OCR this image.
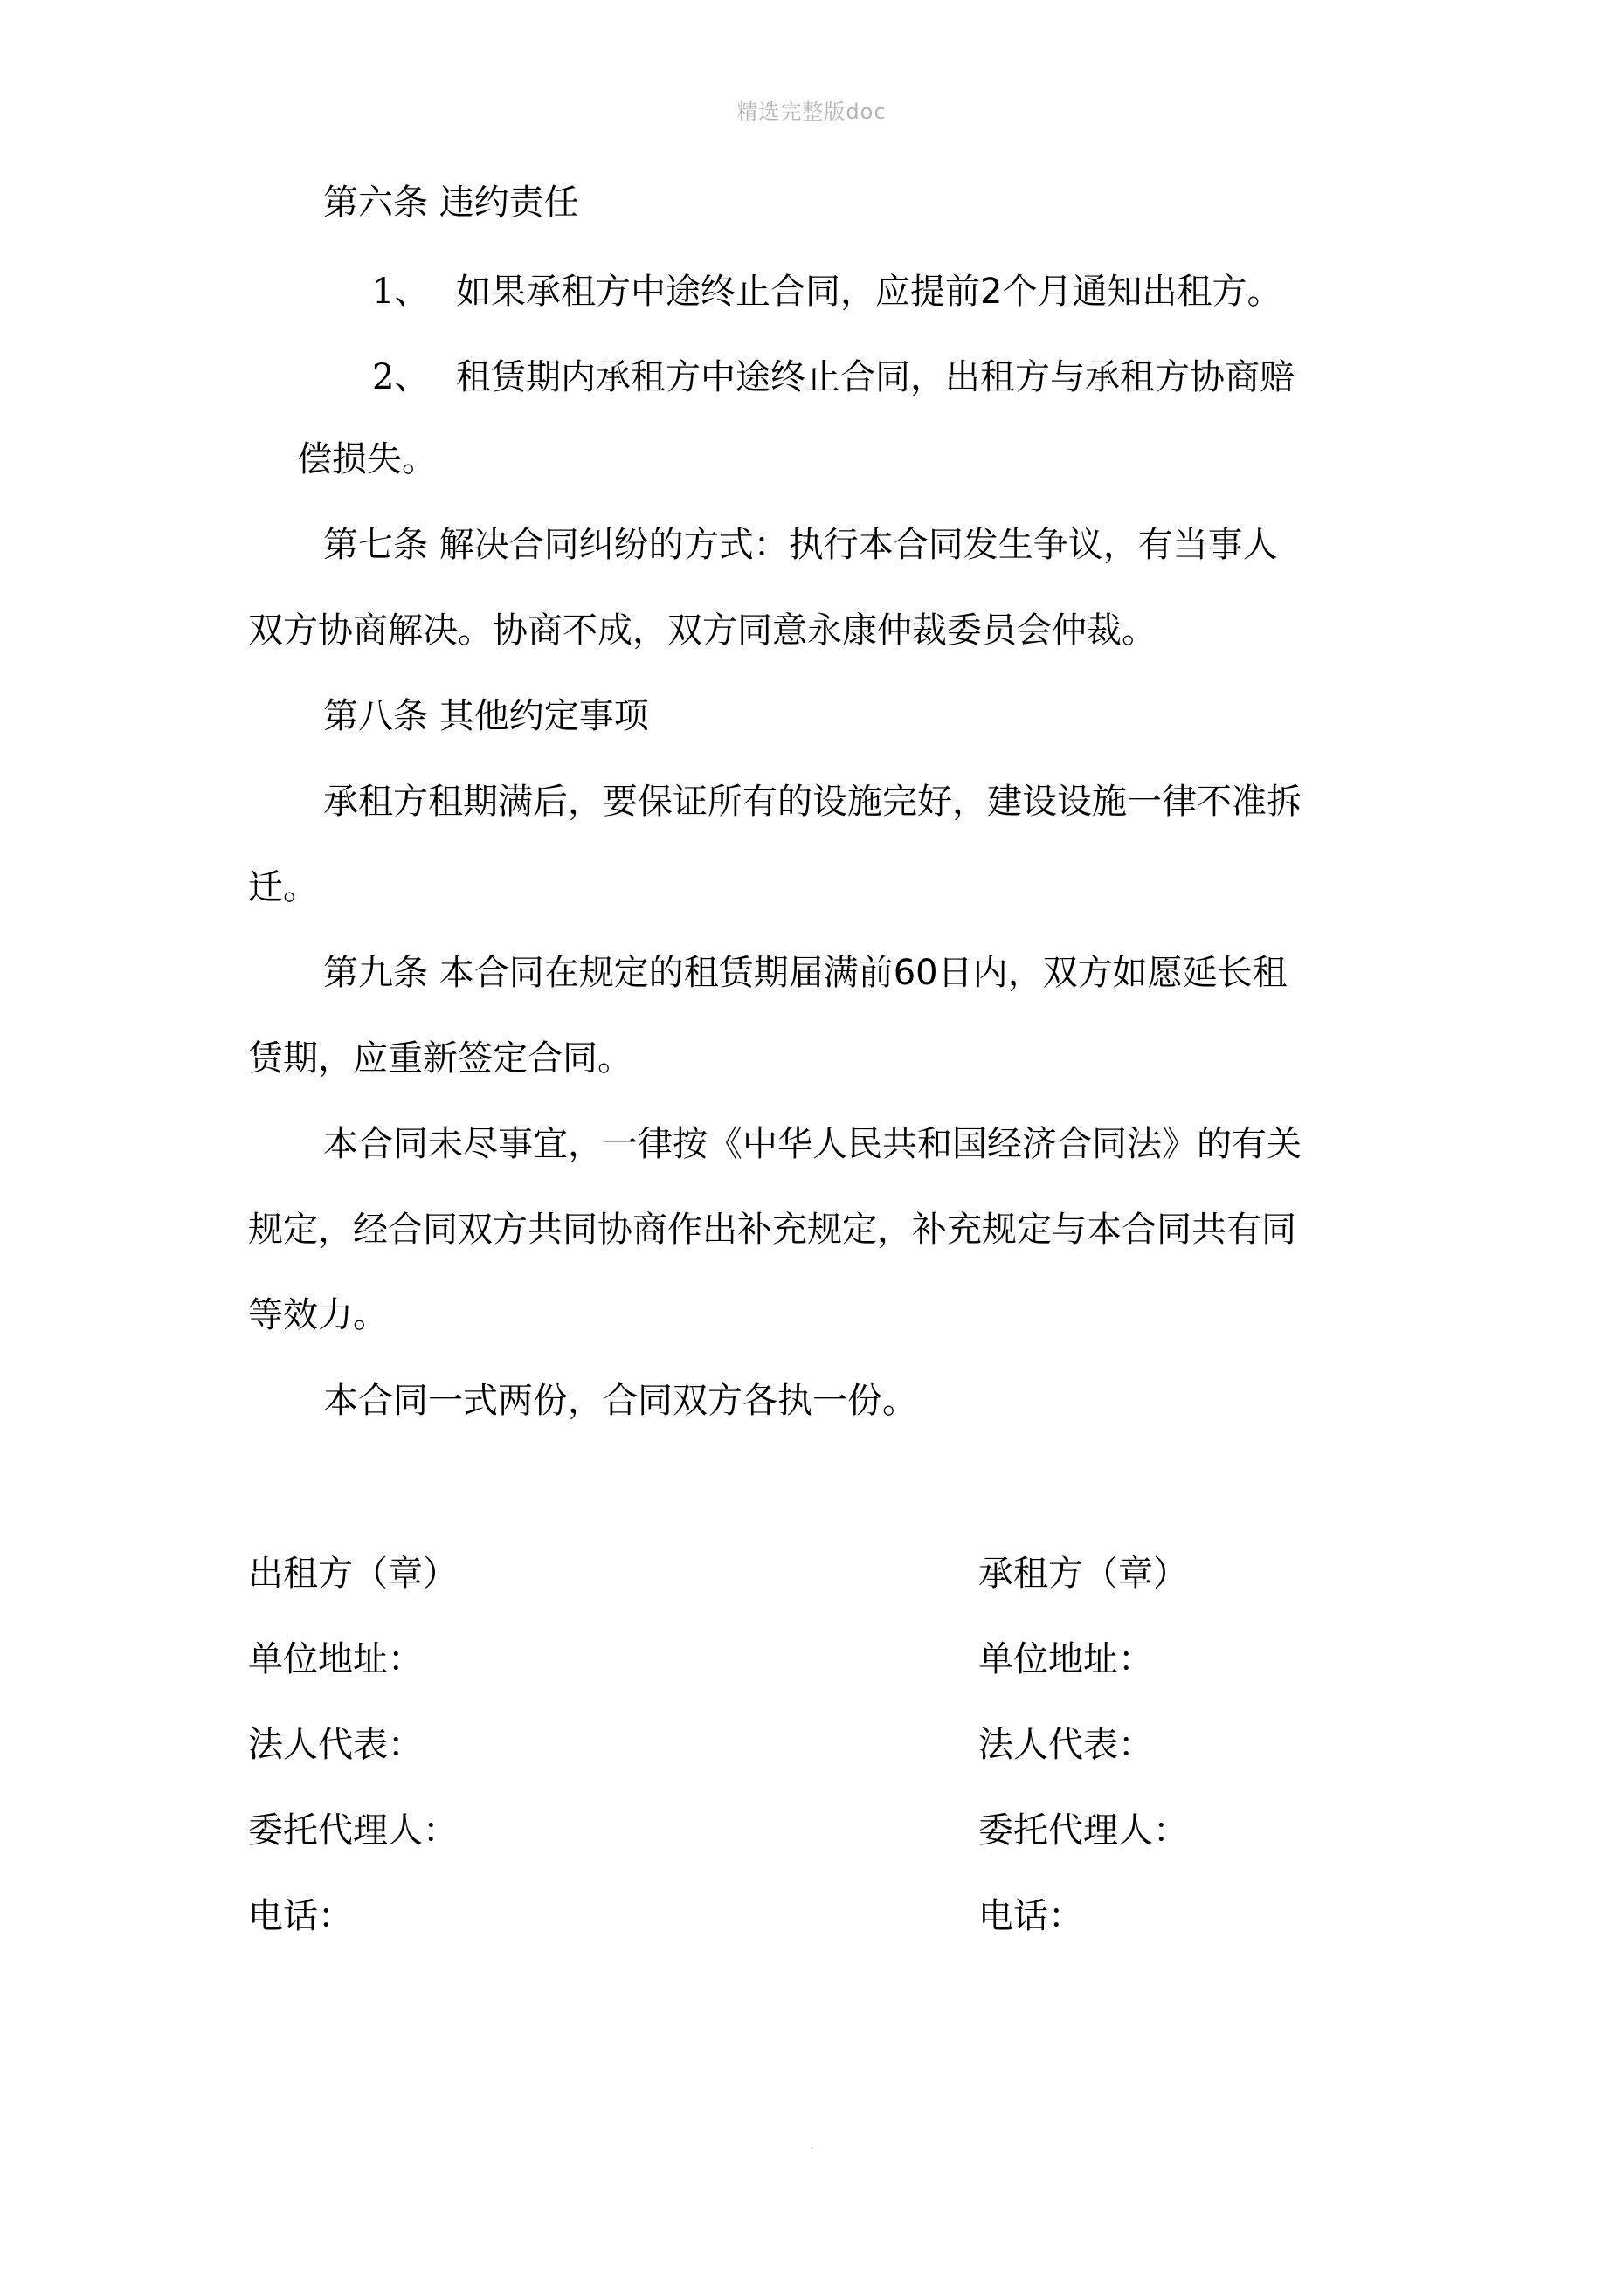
精选完整版doc
第六条 违约责任
1、 如果承租方中途终止合同，应提前2个月通知出租方。
2、 租赁期内承租方中途终止合同，出租方与承租方协商赔
偿损失。
第七条 解决合同纠纷的方式：执行本合同发生争议，有当事人
双方协商解决。协商不成，双方同意永康仲裁委员会仲裁。
第八条 其他约定事项
承租方租期满后，要保证所有的设施完好，建设设施一律不准拆
迁。
第九条 本合同在规定的租赁期届满前60日内，双方如愿延长租
赁期，应重新签定合同。
本合同未尽事宜，一律按《中华人民共和国经济合同法》的有关
规定，经合同双方共同协商作出补充规定，补充规定与本合同共有同
等效力。
本合同一式两份，合同双方各执一份。
出租方（章）
单位地址：
法人代表：
委托代理人：
电话：
承租方（章）
单位地址：
法人代表：
委托代理人：
电话：
